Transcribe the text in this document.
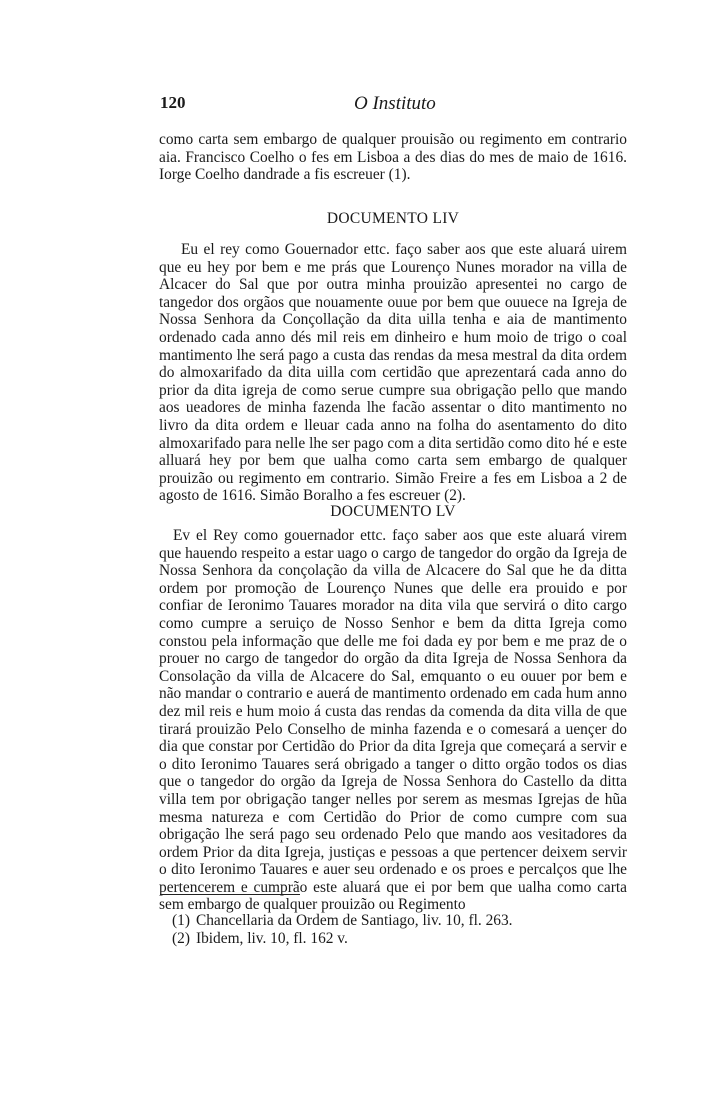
120	O Instituto

como carta sem embargo de qualquer prouisão ou regimento em contrario aia. Francisco Coelho o fes em Lisboa a des dias do mes de maio de 1616. Iorge Coelho dandrade a fis escreuer (1).

DOCUMENTO LIV

Eu el rey como Gouernador ettc. faço saber aos que este aluará uirem que eu hey por bem e me prás que Lourenço Nunes morador na villa de Alcacer do Sal que por outra minha prouizão apresentei no cargo de tangedor dos orgãos que nouamente ouue por bem que ouuece na Igreja de Nossa Senhora da Conçollação da dita uilla tenha e aia de mantimento ordenado cada anno dés mil reis em dinheiro e hum moio de trigo o coal mantimento lhe será pago a custa das rendas da mesa mestral da dita ordem do almoxarifado da dita uilla com certidão que aprezentará cada anno do prior da dita igreja de como serue cumpre sua obrigação pello que mando aos ueadores de minha fazenda lhe facão assentar o dito mantimento no livro da dita ordem e lleuar cada anno na folha do asentamento do dito almoxarifado para nelle lhe ser pago com a dita sertidão como dito hé e este alluará hey por bem que ualha como carta sem embargo de qualquer prouizão ou regimento em contrario. Simão Freire a fes em Lisboa a 2 de agosto de 1616. Simão Boralho a fes escreuer (2).

DOCUMENTO LV

Ev el Rey como gouernador ettc. faço saber aos que este aluará virem que hauendo respeito a estar uago o cargo de tangedor do orgão da Igreja de Nossa Senhora da conçolação da villa de Alcacere do Sal que he da ditta ordem por promoção de Lourenço Nunes que delle era prouido e por confiar de Ieronimo Tauares morador na dita vila que servirá o dito cargo como cumpre a seruiço de Nosso Senhor e bem da ditta Igreja como constou pela informação que delle me foi dada ey por bem e me praz de o prouer no cargo de tangedor do orgão da dita Igreja de Nossa Senhora da Consolação da villa de Alcacere do Sal, emquanto o eu ouuer por bem e não mandar o contrario e auerá de mantimento ordenado em cada hum anno dez mil reis e hum moio á custa das rendas da comenda da dita villa de que tirará prouizão Pelo Conselho de minha fazenda e o comesará a uençer do dia que constar por Certidão do Prior da dita Igreja que começará a servir e o dito Ieronimo Tauares será obrigado a tanger o ditto orgão todos os dias que o tangedor do orgão da Igreja de Nossa Senhora do Castello da ditta villa tem por obrigação tanger nelles por serem as mesmas Igrejas de hũa mesma natureza e com Certidão do Prior de como cumpre com sua obrigação lhe será pago seu ordenado Pelo que mando aos vesitadores da ordem Prior da dita Igreja, justiças e pessoas a que pertencer deixem servir o dito Ieronimo Tauares e auer seu ordenado e os proes e percalços que lhe pertencerem e cumprão este aluará que ei por bem que ualha como carta sem embargo de qualquer prouizão ou Regimento

(1) Chancellaria da Ordem de Santiago, liv. 10, fl. 263.
(2) Ibidem, liv. 10, fl. 162 v.
